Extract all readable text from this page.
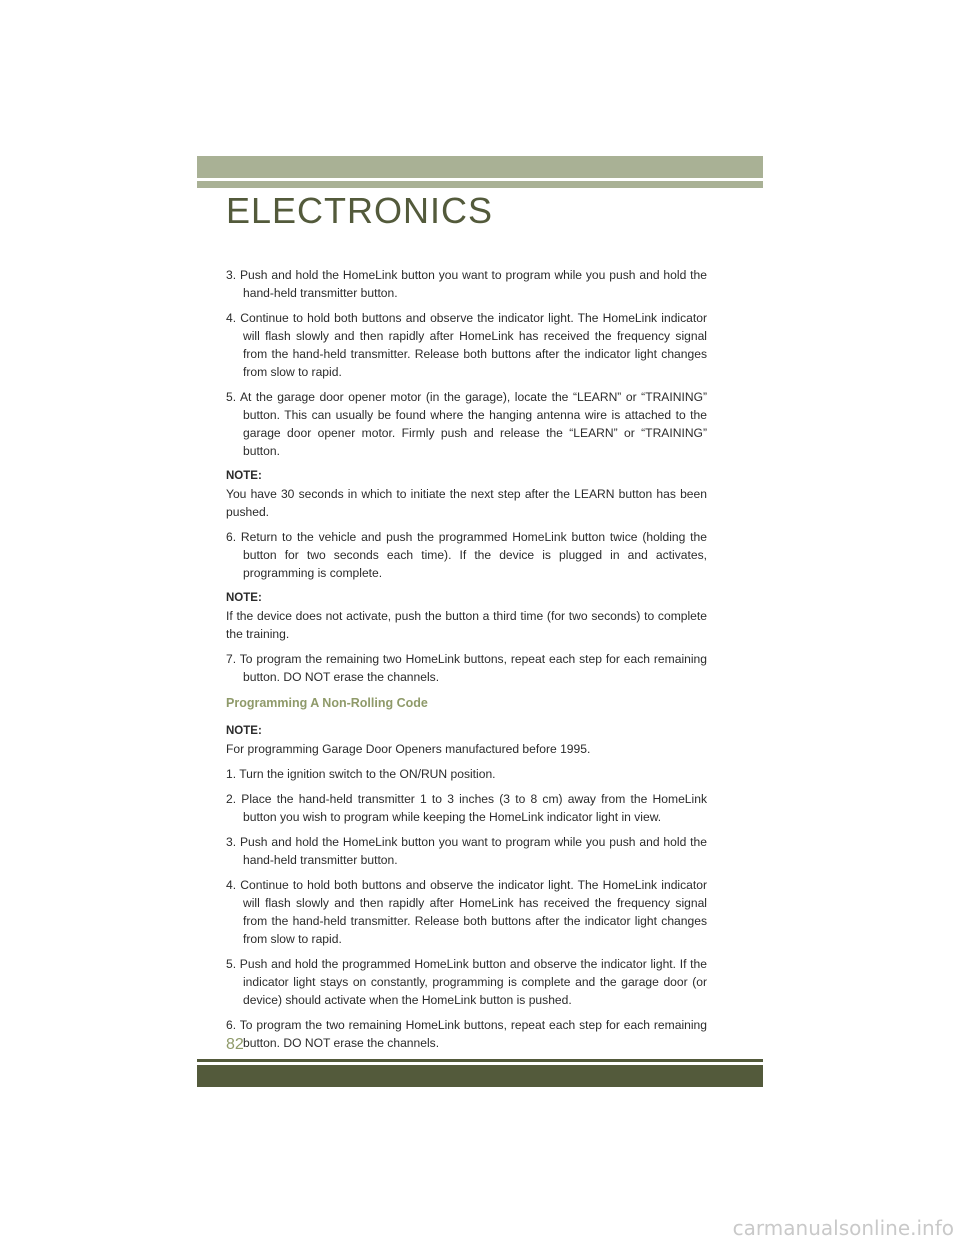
ELECTRONICS

3. Push and hold the HomeLink button you want to program while you push and hold the hand-held transmitter button.

4. Continue to hold both buttons and observe the indicator light. The HomeLink indicator will flash slowly and then rapidly after HomeLink has received the frequency signal from the hand-held transmitter. Release both buttons after the indicator light changes from slow to rapid.

5. At the garage door opener motor (in the garage), locate the “LEARN” or “TRAINING” button. This can usually be found where the hanging antenna wire is attached to the garage door opener motor. Firmly push and release the “LEARN” or “TRAINING” button.

NOTE:

You have 30 seconds in which to initiate the next step after the LEARN button has been pushed.

6. Return to the vehicle and push the programmed HomeLink button twice (holding the button for two seconds each time). If the device is plugged in and activates, programming is complete.

NOTE:

If the device does not activate, push the button a third time (for two seconds) to complete the training.

7. To program the remaining two HomeLink buttons, repeat each step for each remaining button. DO NOT erase the channels.

Programming A Non-Rolling Code

NOTE:

For programming Garage Door Openers manufactured before 1995.

1. Turn the ignition switch to the ON/RUN position.

2. Place the hand-held transmitter 1 to 3 inches (3 to 8 cm) away from the HomeLink button you wish to program while keeping the HomeLink indicator light in view.

3. Push and hold the HomeLink button you want to program while you push and hold the hand-held transmitter button.

4. Continue to hold both buttons and observe the indicator light. The HomeLink indicator will flash slowly and then rapidly after HomeLink has received the frequency signal from the hand-held transmitter. Release both buttons after the indicator light changes from slow to rapid.

5. Push and hold the programmed HomeLink button and observe the indicator light. If the indicator light stays on constantly, programming is complete and the garage door (or device) should activate when the HomeLink button is pushed.

6. To program the two remaining HomeLink buttons, repeat each step for each remaining button. DO NOT erase the channels.

82
carmanualsonline.info
